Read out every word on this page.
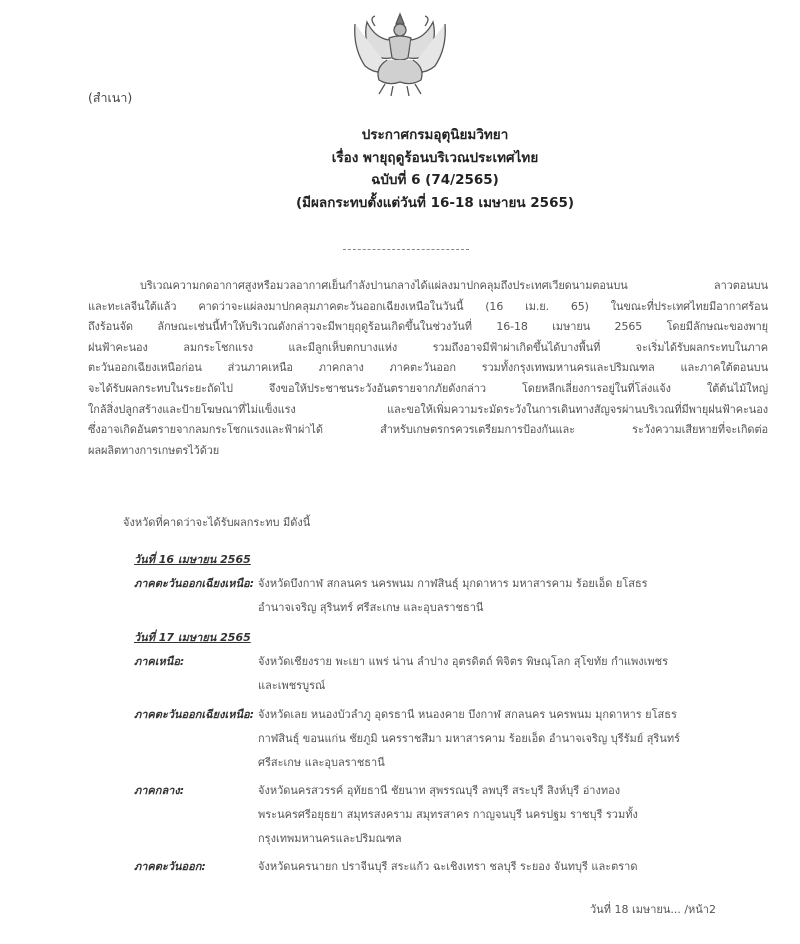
(สำเนา)
ประกาศกรมอุตุนิยมวิทยา
เรื่อง พายุฤดูร้อนบริเวณประเทศไทย
ฉบับที่ 6 (74/2565)
(มีผลกระทบตั้งแต่วันที่ 16-18 เมษายน 2565)
บริเวณความกดอากาศสูงหรือมวลอากาศเย็นกำลังปานกลางได้แผ่ลงมาปกคลุมถึงประเทศเวียดนามตอนบน ลาวตอนบน
และทะเลจีนใต้แล้ว คาดว่าจะแผ่ลงมาปกคลุมภาคตะวันออกเฉียงเหนือในวันนี้ (16 เม.ย. 65) ในขณะที่ประเทศไทยมีอากาศร้อน
ถึงร้อนจัด ลักษณะเช่นนี้ทำให้บริเวณดังกล่าวจะมีพายุฤดูร้อนเกิดขึ้นในช่วงวันที่ 16-18 เมษายน 2565 โดยมีลักษณะของพายุ
ฝนฟ้าคะนอง ลมกระโชกแรง และมีลูกเห็บตกบางแห่ง รวมถึงอาจมีฟ้าผ่าเกิดขึ้นได้บางพื้นที่ จะเริ่มได้รับผลกระทบในภาค
ตะวันออกเฉียงเหนือก่อน ส่วนภาคเหนือ ภาคกลาง ภาคตะวันออก รวมทั้งกรุงเทพมหานครและปริมณฑล และภาคใต้ตอนบน
จะได้รับผลกระทบในระยะถัดไป จึงขอให้ประชาชนระวังอันตรายจากภัยดังกล่าว โดยหลีกเลี่ยงการอยู่ในที่โล่งแจ้ง ใต้ต้นไม้ใหญ่
ใกล้สิ่งปลูกสร้างและป้ายโฆษณาที่ไม่แข็งแรง และขอให้เพิ่มความระมัดระวังในการเดินทางสัญจรผ่านบริเวณที่มีพายุฝนฟ้าคะนอง
ซึ่งอาจเกิดอันตรายจากลมกระโชกแรงและฟ้าผ่าได้ สำหรับเกษตรกรควรเตรียมการป้องกันและ ระวังความเสียหายที่จะเกิดต่อ
ผลผลิตทางการเกษตรไว้ด้วย
จังหวัดที่คาดว่าจะได้รับผลกระทบ มีดังนี้
วันที่ 16 เมษายน 2565
ภาคตะวันออกเฉียงเหนือ: จังหวัดบึงกาฬ สกลนคร นครพนม กาฬสินธุ์ มุกดาหาร มหาสารคาม ร้อยเอ็ด ยโสธร
อำนาจเจริญ สุรินทร์ ศรีสะเกษ และอุบลราชธานี
วันที่ 17 เมษายน 2565
ภาคเหนือ:	จังหวัดเชียงราย พะเยา แพร่ น่าน ลำปาง อุตรดิตถ์ พิจิตร พิษณุโลก สุโขทัย กำแพงเพชร
และเพชรบูรณ์
ภาคตะวันออกเฉียงเหนือ: จังหวัดเลย หนองบัวลำภู อุดรธานี หนองคาย บึงกาฬ สกลนคร นครพนม มุกดาหาร ยโสธร
กาฬสินธุ์ ขอนแก่น ชัยภูมิ นครราชสีมา มหาสารคาม ร้อยเอ็ด อำนาจเจริญ บุรีรัมย์ สุรินทร์
ศรีสะเกษ และอุบลราชธานี
ภาคกลาง:	จังหวัดนครสวรรค์ อุทัยธานี ชัยนาท สุพรรณบุรี ลพบุรี สระบุรี สิงห์บุรี อ่างทอง
พระนครศรีอยุธยา สมุทรสงคราม สมุทรสาคร กาญจนบุรี นครปฐม ราชบุรี รวมทั้ง
กรุงเทพมหานครและปริมณฑล
ภาคตะวันออก:	จังหวัดนครนายก ปราจีนบุรี สระแก้ว ฉะเชิงเทรา ชลบุรี ระยอง จันทบุรี และตราด
วันที่ 18 เมษายน... /หน้า2
